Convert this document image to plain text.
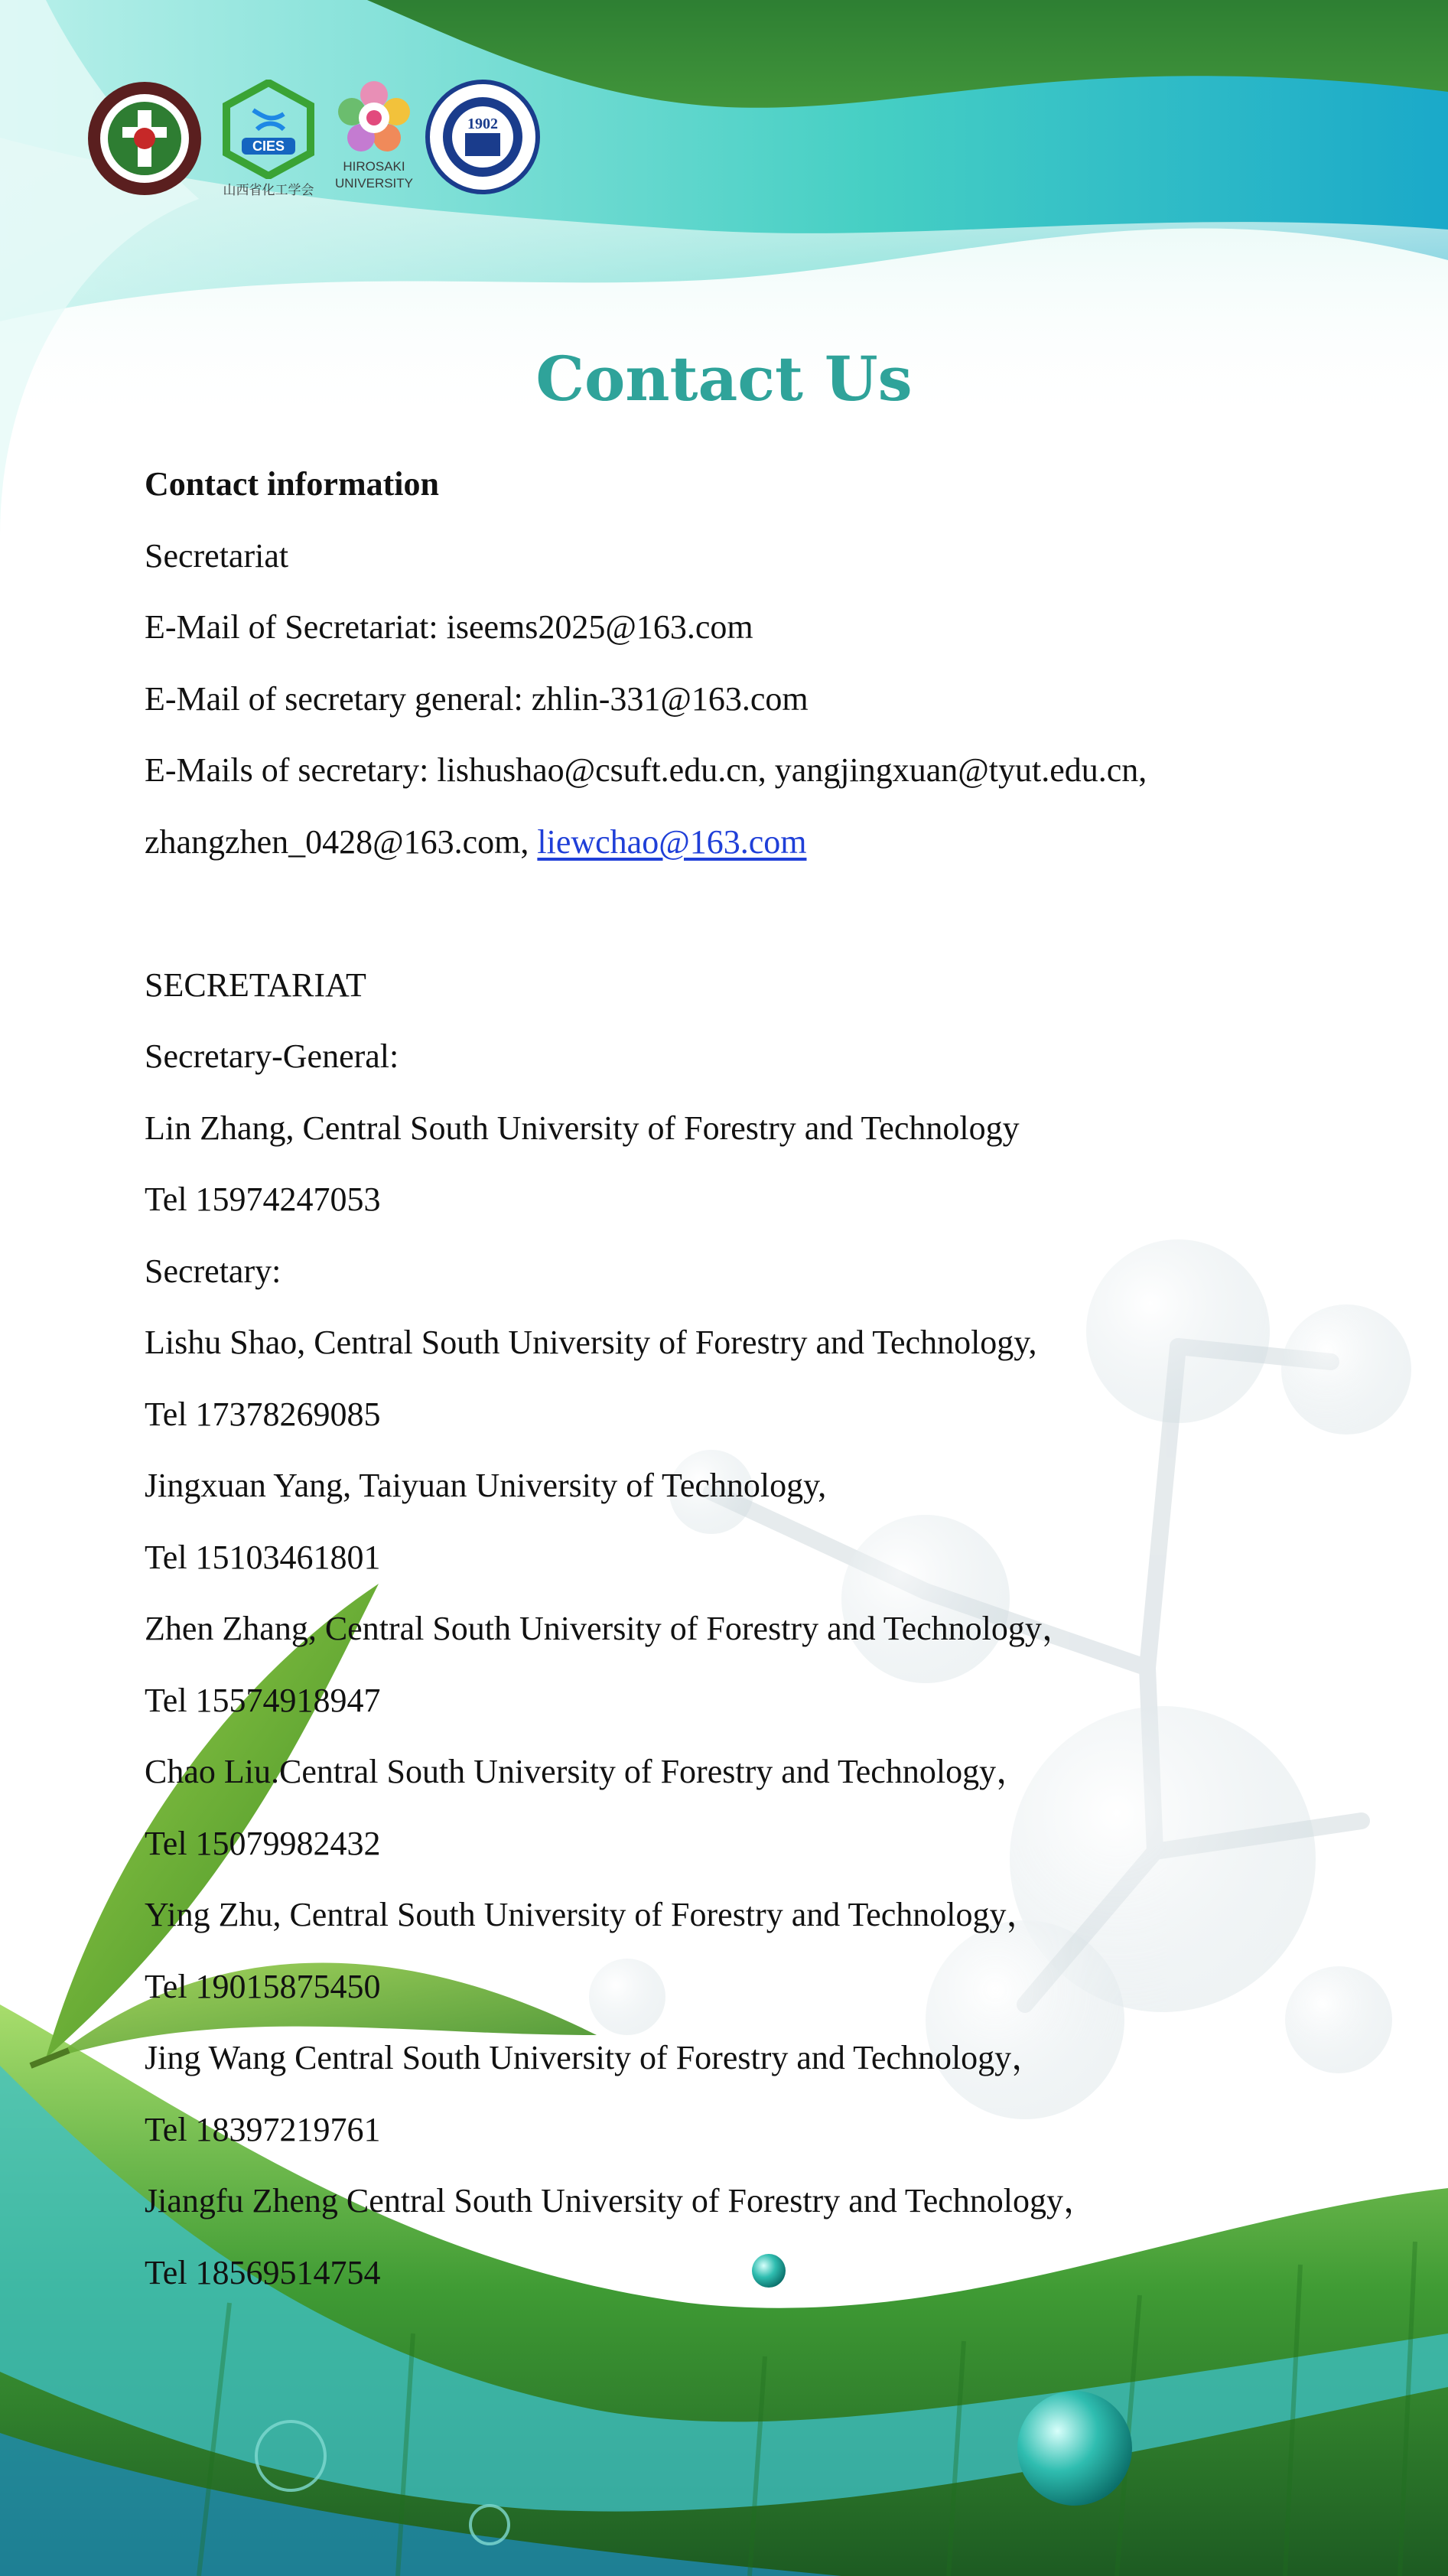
CIES
山西省化工学会
HIROSAKI
UNIVERSITY
1902
Contact Us
Contact information
Secretariat
E-Mail of Secretariat: iseems2025@163.com
E-Mail of secretary general: zhlin-331@163.com
E-Mails of secretary: lishushao@csuft.edu.cn, yangjingxuan@tyut.edu.cn,
zhangzhen_0428@163.com, liewchao@163.com
SECRETARIAT
Secretary-General:
Lin Zhang, Central South University of Forestry and Technology
Tel 15974247053
Secretary:
Lishu Shao, Central South University of Forestry and Technology,
Tel 17378269085
Jingxuan Yang, Taiyuan University of Technology,
Tel 15103461801
Zhen Zhang, Central South University of Forestry and Technology，
Tel 15574918947
Chao Liu.Central South University of Forestry and Technology，
Tel 15079982432
Ying Zhu, Central South University of Forestry and Technology，
Tel 19015875450
Jing Wang Central South University of Forestry and Technology，
Tel 18397219761
Jiangfu Zheng Central South University of Forestry and Technology，
Tel 18569514754
